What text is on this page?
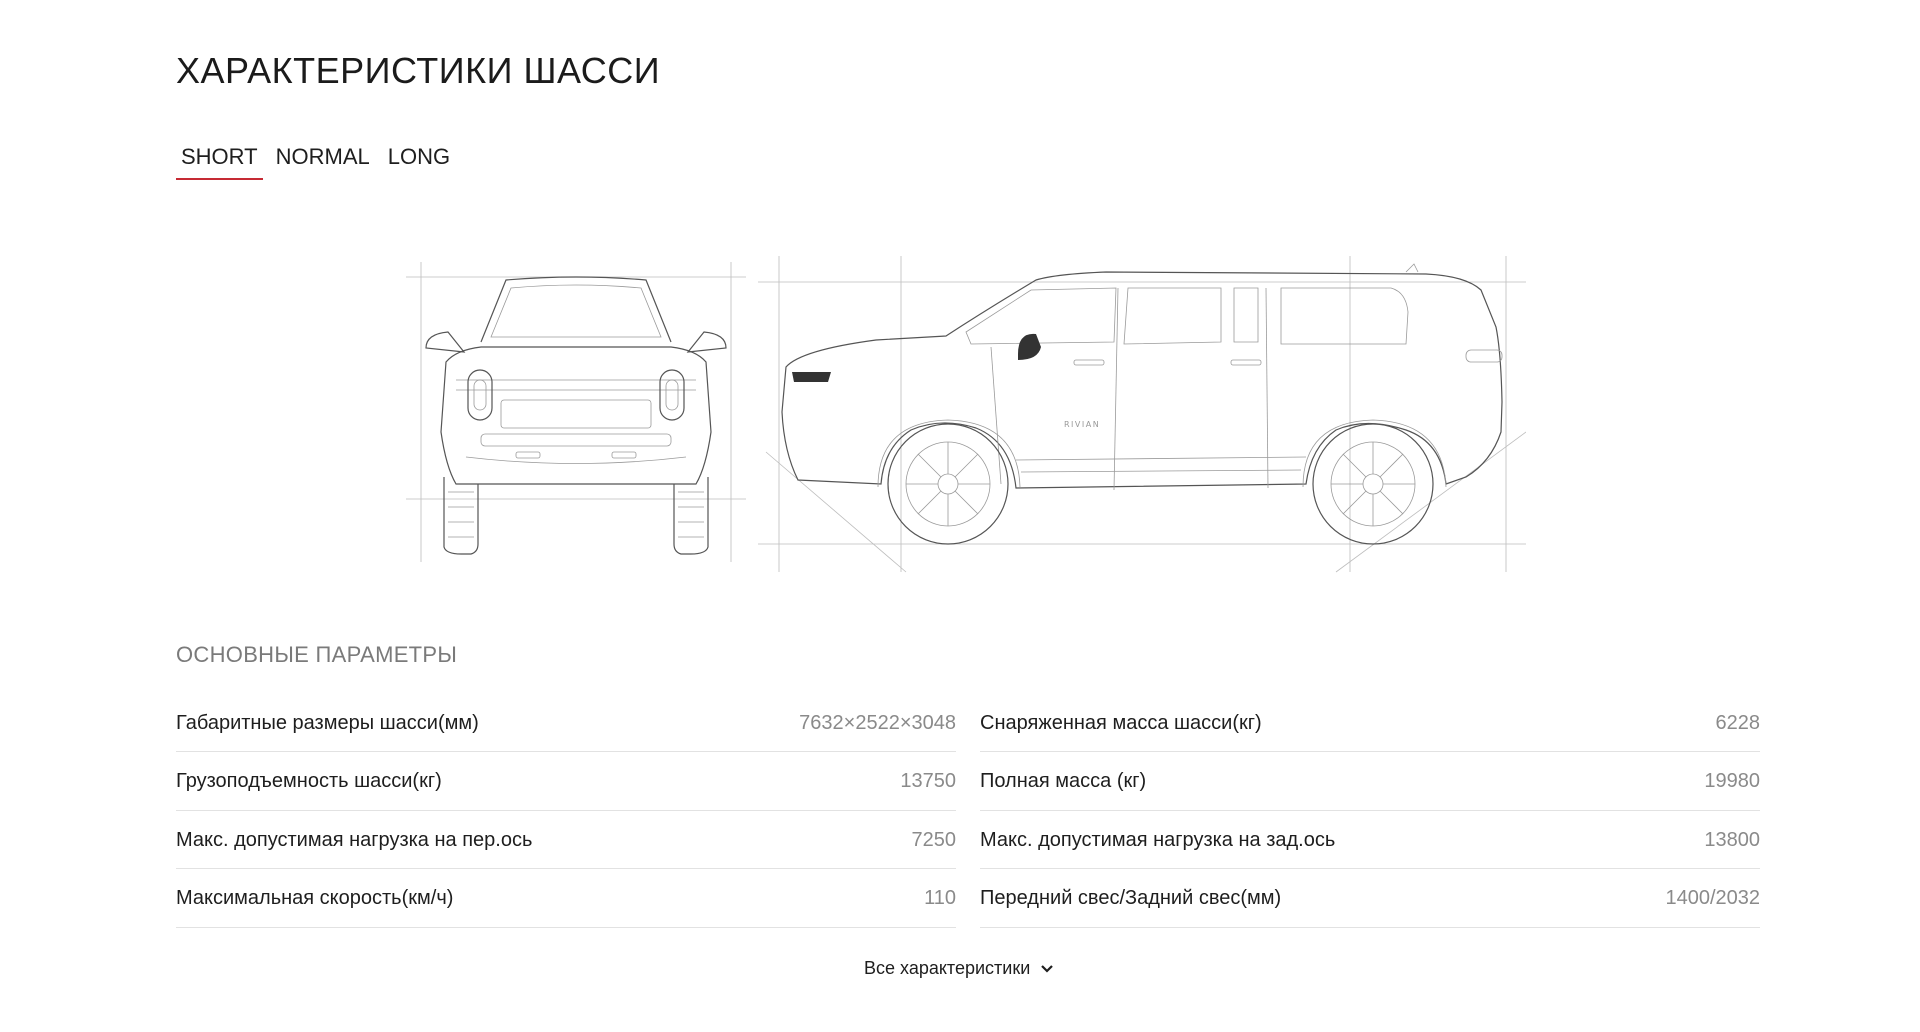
ХАРАКТЕРИСТИКИ ШАССИ
SHORT NORMAL LONG
RIVIAN
ОСНОВНЫЕ ПАРАМЕТРЫ
Габаритные размеры шасси(мм)	7632×2522×3048
Грузоподъемность шасси(кг)	13750
Макс. допустимая нагрузка на пер.ось	7250
Максимальная скорость(км/ч)	110
Снаряженная масса шасси(кг)	6228
Полная масса (кг)	19980
Макс. допустимая нагрузка на зад.ось	13800
Передний свес/Задний свес(мм)	1400/2032
Все характеристики
